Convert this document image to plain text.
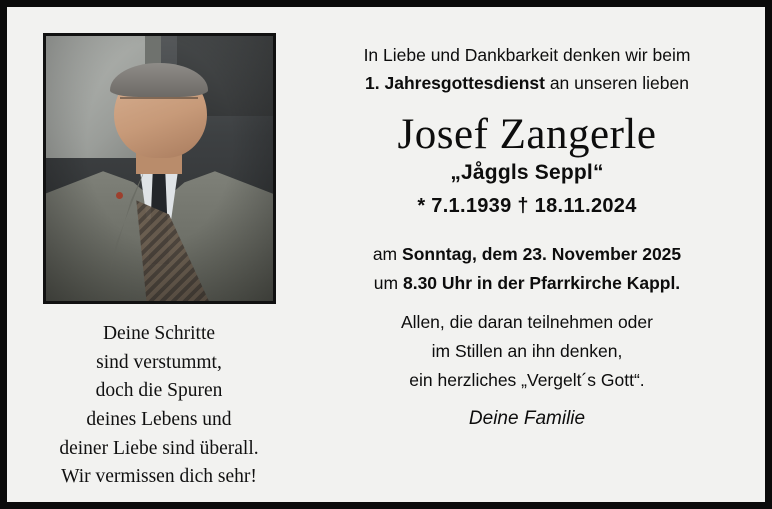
Deine Schritte
sind verstummt,
doch die Spuren
deines Lebens und
deiner Liebe sind überall.
Wir vermissen dich sehr!
In Liebe und Dankbarkeit denken wir beim
1. Jahresgottesdienst an unseren lieben
Josef Zangerle
„Jåggls Seppl“
* 7.1.1939 † 18.11.2024
am Sonntag, dem 23. November 2025
um 8.30 Uhr in der Pfarrkirche Kappl.
Allen, die daran teilnehmen oder
im Stillen an ihn denken,
ein herzliches „Vergelt´s Gott“.
Deine Familie
